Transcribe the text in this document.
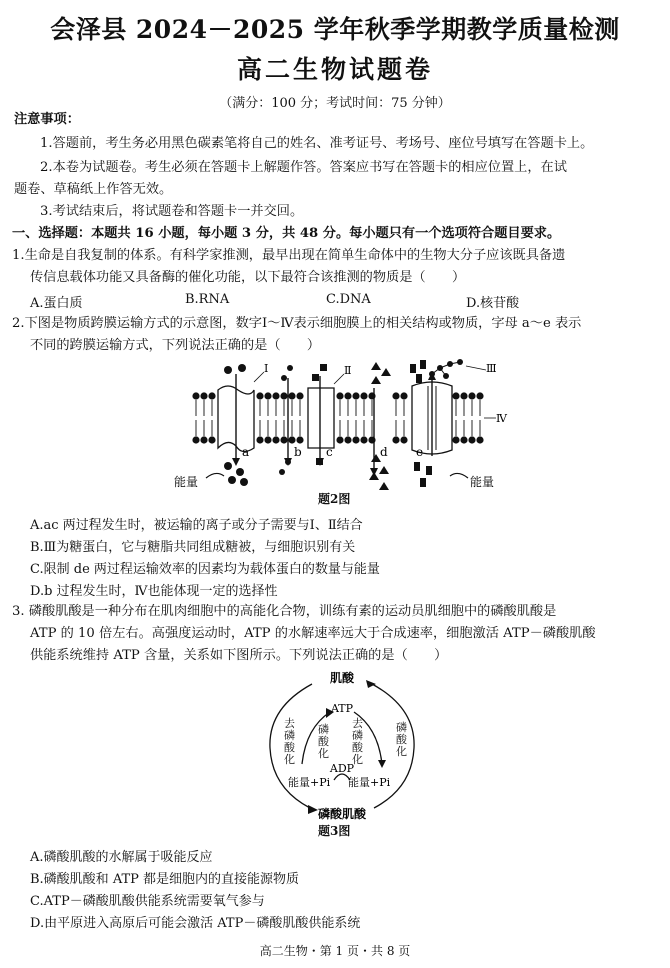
会泽县 2024－2025 学年秋季学期教学质量检测
高二生物试题卷
（满分：100 分；考试时间：75 分钟）
注意事项：
1.答题前，考生务必用黑色碳素笔将自己的姓名、准考证号、考场号、座位号填写在答题卡上。
2.本卷为试题卷。考生必须在答题卡上解题作答。答案应书写在答题卡的相应位置上，在试
题卷、草稿纸上作答无效。
3.考试结束后，将试题卷和答题卡一并交回。
一、选择题：本题共 16 小题，每小题 3 分，共 48 分。每小题只有一个选项符合题目要求。
1.生命是自我复制的体系。有科学家推测，最早出现在简单生命体中的生物大分子应该既具备遗
传信息载体功能又具备酶的催化功能，以下最符合该推测的物质是（　　）
A.蛋白质	B.RNA	C.DNA	D.核苷酸
2.下图是物质跨膜运输方式的示意图，数字Ⅰ～Ⅳ表示细胞膜上的相关结构或物质，字母 a～e 表示
不同的跨膜运输方式，下列说法正确的是（　　）
Ⅰ	Ⅱ	Ⅲ
Ⅳ
a	b c	d e
能量	能量
题2图
A.ac 两过程发生时，被运输的离子或分子需要与Ⅰ、Ⅱ结合
B.Ⅲ为糖蛋白，它与糖脂共同组成糖被，与细胞识别有关
C.限制 de 两过程运输效率的因素均为载体蛋白的数量与能量
D.b 过程发生时，Ⅳ也能体现一定的选择性
3. 磷酸肌酸是一种分布在肌肉细胞中的高能化合物，训练有素的运动员肌细胞中的磷酸肌酸是
ATP 的 10 倍左右。高强度运动时，ATP 的水解速率远大于合成速率，细胞激活 ATP－磷酸肌酸
供能系统维持 ATP 含量，关系如下图所示。下列说法正确的是（　　）
肌酸
ATP
ADP
磷酸肌酸
能量+Pi 能量+Pi
去磷酸化
磷酸化
去磷酸化
磷酸化
题3图
A.磷酸肌酸的水解属于吸能反应
B.磷酸肌酸和 ATP 都是细胞内的直接能源物质
C.ATP－磷酸肌酸供能系统需要氧气参与
D.由平原进入高原后可能会激活 ATP－磷酸肌酸供能系统
高二生物・第 1 页・共 8 页
